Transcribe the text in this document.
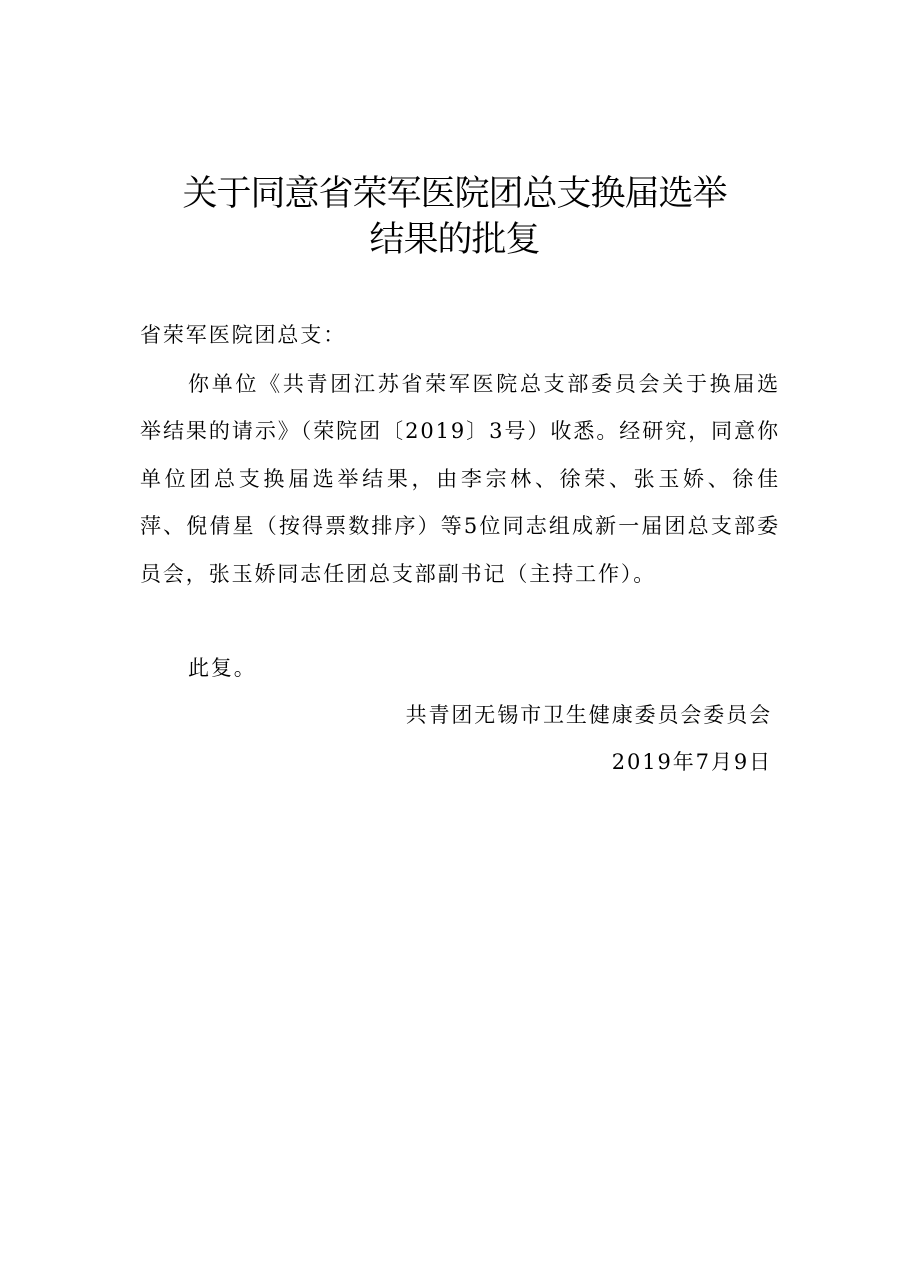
关于同意省荣军医院团总支换届选举
结果的批复
省荣军医院团总支：
你单位《共青团江苏省荣军医院总支部委员会关于换届选举结果的请示》（荣院团〔2019〕3号）收悉。经研究，同意你单位团总支换届选举结果，由李宗林、徐荣、张玉娇、徐佳萍、倪倩星（按得票数排序）等5位同志组成新一届团总支部委员会，张玉娇同志任团总支部副书记（主持工作）。
此复。
共青团无锡市卫生健康委员会委员会
2019年7月9日
